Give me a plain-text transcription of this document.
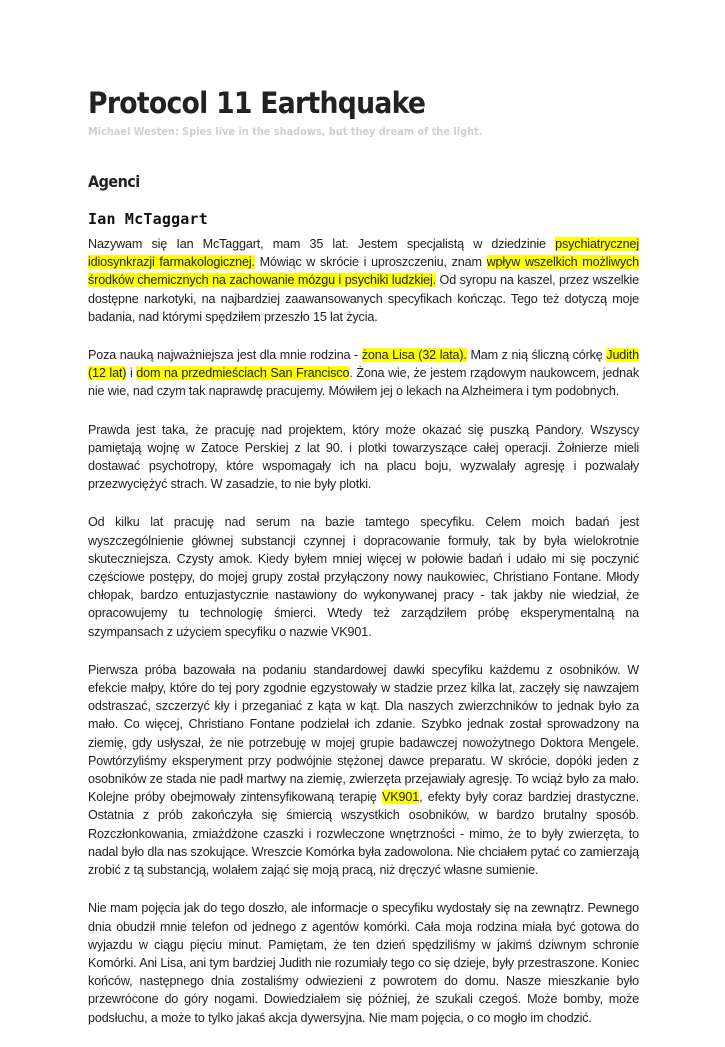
Protocol 11 Earthquake

Michael Westen: Spies live in the shadows, but they dream of the light.

Agenci
Ian McTaggart

Nazywam się Ian McTaggart, mam 35 lat. Jestem specjalistą w dziedzinie psychiatrycznej idiosynkrazji farmakologicznej. Mówiąc w skrócie i uproszczeniu, znam wpływ wszelkich możliwych środków chemicznych na zachowanie mózgu i psychiki ludzkiej. Od syropu na kaszel, przez wszelkie dostępne narkotyki, na najbardziej zaawansowanych specyfikach kończąc. Tego też dotyczą moje badania, nad którymi spędziłem przeszło 15 lat życia.

Poza nauką najważniejsza jest dla mnie rodzina - żona Lisa (32 lata). Mam z nią śliczną córkę Judith (12 lat) i dom na przedmieściach San Francisco. Żona wie, że jestem rządowym naukowcem, jednak nie wie, nad czym tak naprawdę pracujemy. Mówiłem jej o lekach na Alzheimera i tym podobnych.

Prawda jest taka, że pracuję nad projektem, który może okazać się puszką Pandory. Wszyscy pamiętają wojnę w Zatoce Perskiej z lat 90. i plotki towarzyszące całej operacji. Żołnierze mieli dostawać psychotropy, które wspomagały ich na placu boju, wyzwalały agresję i pozwalały przezwyciężyć strach. W zasadzie, to nie były plotki.

Od kilku lat pracuję nad serum na bazie tamtego specyfiku. Celem moich badań jest wyszczególnienie głównej substancji czynnej i dopracowanie formuły, tak by była wielokrotnie skuteczniejsza. Czysty amok. Kiedy byłem mniej więcej w połowie badań i udało mi się poczynić częściowe postępy, do mojej grupy został przyłączony nowy naukowiec, Christiano Fontane. Młody chłopak, bardzo entuzjastycznie nastawiony do wykonywanej pracy - tak jakby nie wiedział, że opracowujemy tu technologię śmierci. Wtedy też zarządziłem próbę eksperymentalną na szympansach z użyciem specyfiku o nazwie VK901.

Pierwsza próba bazowała na podaniu standardowej dawki specyfiku każdemu z osobników. W efekcie małpy, które do tej pory zgodnie egzystowały w stadzie przez kilka lat, zaczęły się nawzajem odstraszać, szczerzyć kły i przeganiać z kąta w kąt. Dla naszych zwierzchników to jednak było za mało. Co więcej, Christiano Fontane podzielał ich zdanie. Szybko jednak został sprowadzony na ziemię, gdy usłyszał, że nie potrzebuję w mojej grupie badawczej nowożytnego Doktora Mengele. Powtórzyliśmy eksperyment przy podwójnie stężonej dawce preparatu. W skrócie, dopóki jeden z osobników ze stada nie padł martwy na ziemię, zwierzęta przejawiały agresję. To wciąż było za mało. Kolejne próby obejmowały zintensyfikowaną terapię VK901, efekty były coraz bardziej drastyczne. Ostatnia z prób zakończyła się śmiercią wszystkich osobników, w bardzo brutalny sposób. Rozczłonkowania, zmiażdżone czaszki i rozwleczone wnętrzności - mimo, że to były zwierzęta, to nadal było dla nas szokujące. Wreszcie Komórka była zadowolona. Nie chciałem pytać co zamierzają zrobić z tą substancją, wolałem zająć się moją pracą, niż dręczyć własne sumienie.

Nie mam pojęcia jak do tego doszło, ale informacje o specyfiku wydostały się na zewnątrz. Pewnego dnia obudził mnie telefon od jednego z agentów komórki. Cała moja rodzina miała być gotowa do wyjazdu w ciągu pięciu minut. Pamiętam, że ten dzień spędziliśmy w jakimś dziwnym schronie Komórki. Ani Lisa, ani tym bardziej Judith nie rozumiały tego co się dzieje, były przestraszone. Koniec końców, następnego dnia zostaliśmy odwiezieni z powrotem do domu. Nasze mieszkanie było przewrócone do góry nogami. Dowiedziałem się później, że szukali czegoś. Może bomby, może podsłuchu, a może to tylko jakaś akcja dywersyjna. Nie mam pojęcia, o co mogło im chodzić.
